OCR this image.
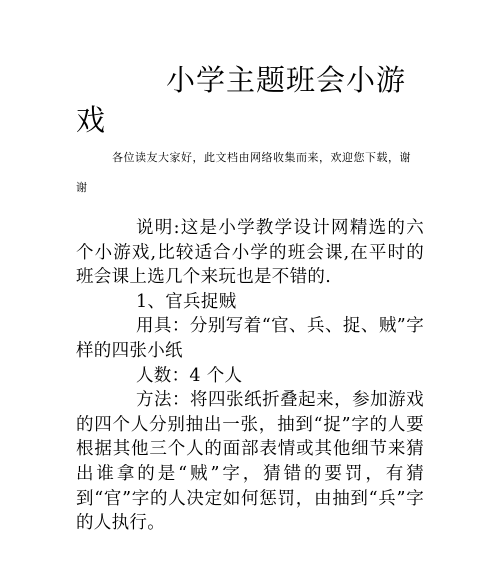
小学主题班会小游戏

各位读友大家好，此文档由网络收集而来，欢迎您下载，谢谢

说明:这是小学教学设计网精选的六个小游戏,比较适合小学的班会课,在平时的班会课上选几个来玩也是不错的.

1、官兵捉贼

用具：分别写着“官、兵、捉、贼”字样的四张小纸

人数：4 个人

方法：将四张纸折叠起来，参加游戏的四个人分别抽出一张，抽到“捉”字的人要根据其他三个人的面部表情或其他细节来猜出谁拿的是“贼”字，猜错的要罚，有猜到“官”字的人决定如何惩罚，由抽到“兵”字的人执行。
